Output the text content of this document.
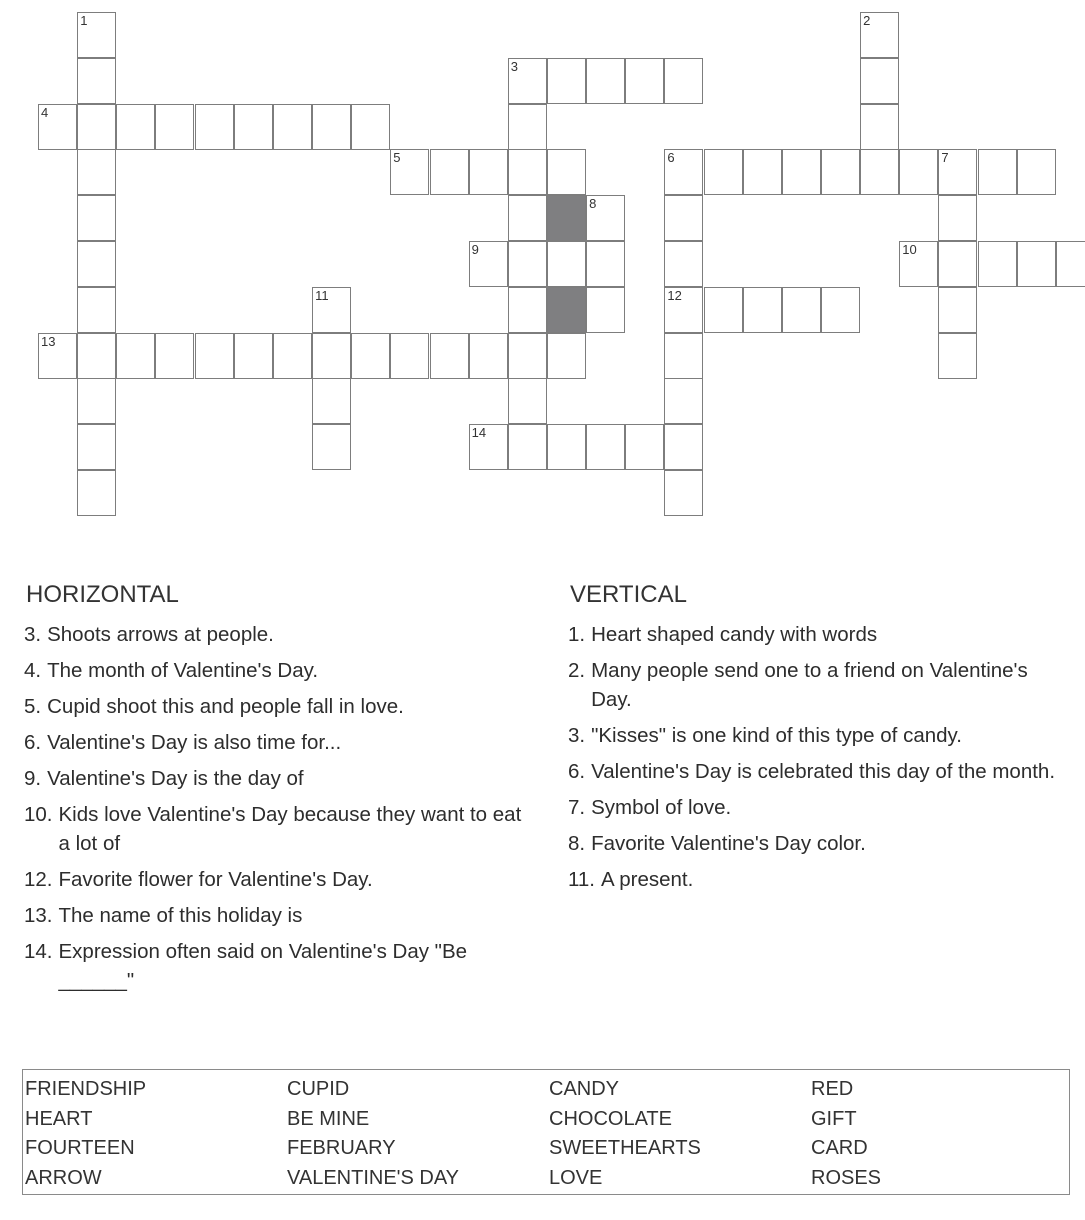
1	2
3
4
5	6	7
8
12
9	10
11
13
14
HORIZONTAL
3. Shoots arrows at people.
4. The month of Valentine's Day.
5. Cupid shoot this and people fall in love.
6. Valentine's Day is also time for...
9. Valentine's Day is the day of
10. Kids love Valentine's Day because they want to eat a lot of
12. Favorite flower for Valentine's Day.
13. The name of this holiday is
14. Expression often said on Valentine's Day "Be ______"
VERTICAL
1. Heart shaped candy with words
2. Many people send one to a friend on Valentine's Day.
3. "Kisses" is one kind of this type of candy.
6. Valentine's Day is celebrated this day of the month.
7. Symbol of love.
8. Favorite Valentine's Day color.
11. A present.
FRIENDSHIP	CUPID	CANDY	RED
HEART	BE MINE	CHOCOLATE	GIFT
FOURTEEN	FEBRUARY	SWEETHEARTS	CARD
ARROW	VALENTINE'S DAY	LOVE	ROSES
